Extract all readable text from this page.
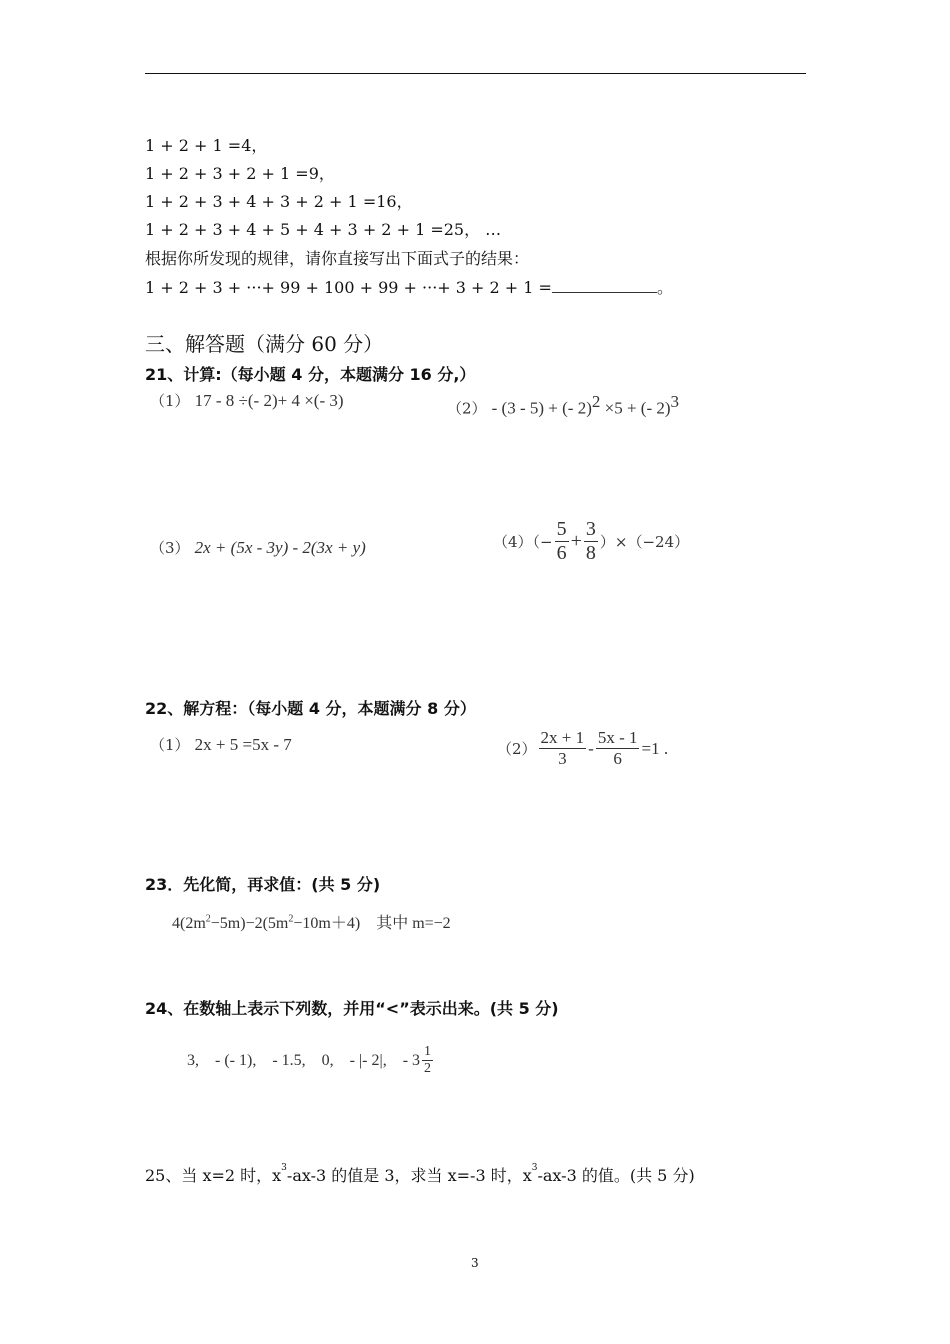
1 + 2 + 1 =4，
1 + 2 + 3 + 2 + 1 =9，
1 + 2 + 3 + 4 + 3 + 2 + 1 =16，
1 + 2 + 3 + 4 + 5 + 4 + 3 + 2 + 1 =25， …
根据你所发现的规律，请你直接写出下面式子的结果：
1 + 2 + 3 + ···+ 99 + 100 + 99 + ···+ 3 + 2 + 1 =	。
三、解答题（满分 60 分）
21、计算:（每小题 4 分，本题满分 16 分,）
（1） 17 - 8 ÷(- 2)+ 4 ×(- 3)	（2） - (3 - 5) + (- 2)$^2$ ×5 + (- 2)$^3$
（3） 2x + (5x - 3y) - 2(3x + y)	$(4)(- \frac{5}{6} + \frac{3}{8} )\times(-24)$
22、解方程：（每小题 4 分，本题满分 8 分）
（1） 2x + 5 =5x - 7	$(2) \frac{2x + 1}{3} - \frac{5x - 1}{6} =1$ .
23．先化简，再求值：(共 5 分)
$4(2m^2-5m)-2(5m^2-10m+4)$ 其中 m=−2
24、在数轴上表示下列数，并用“<”表示出来。(共 5 分)
3,    - (- 1),    - 1.5,    0,    - |- 2|,    - $3 \frac{1}{2}$
25、当 x=2 时，$x^3-ax-3$ 的值是 3，求当 x=-3 时，$x^3-ax-3$ 的值。(共 5 分)
3
